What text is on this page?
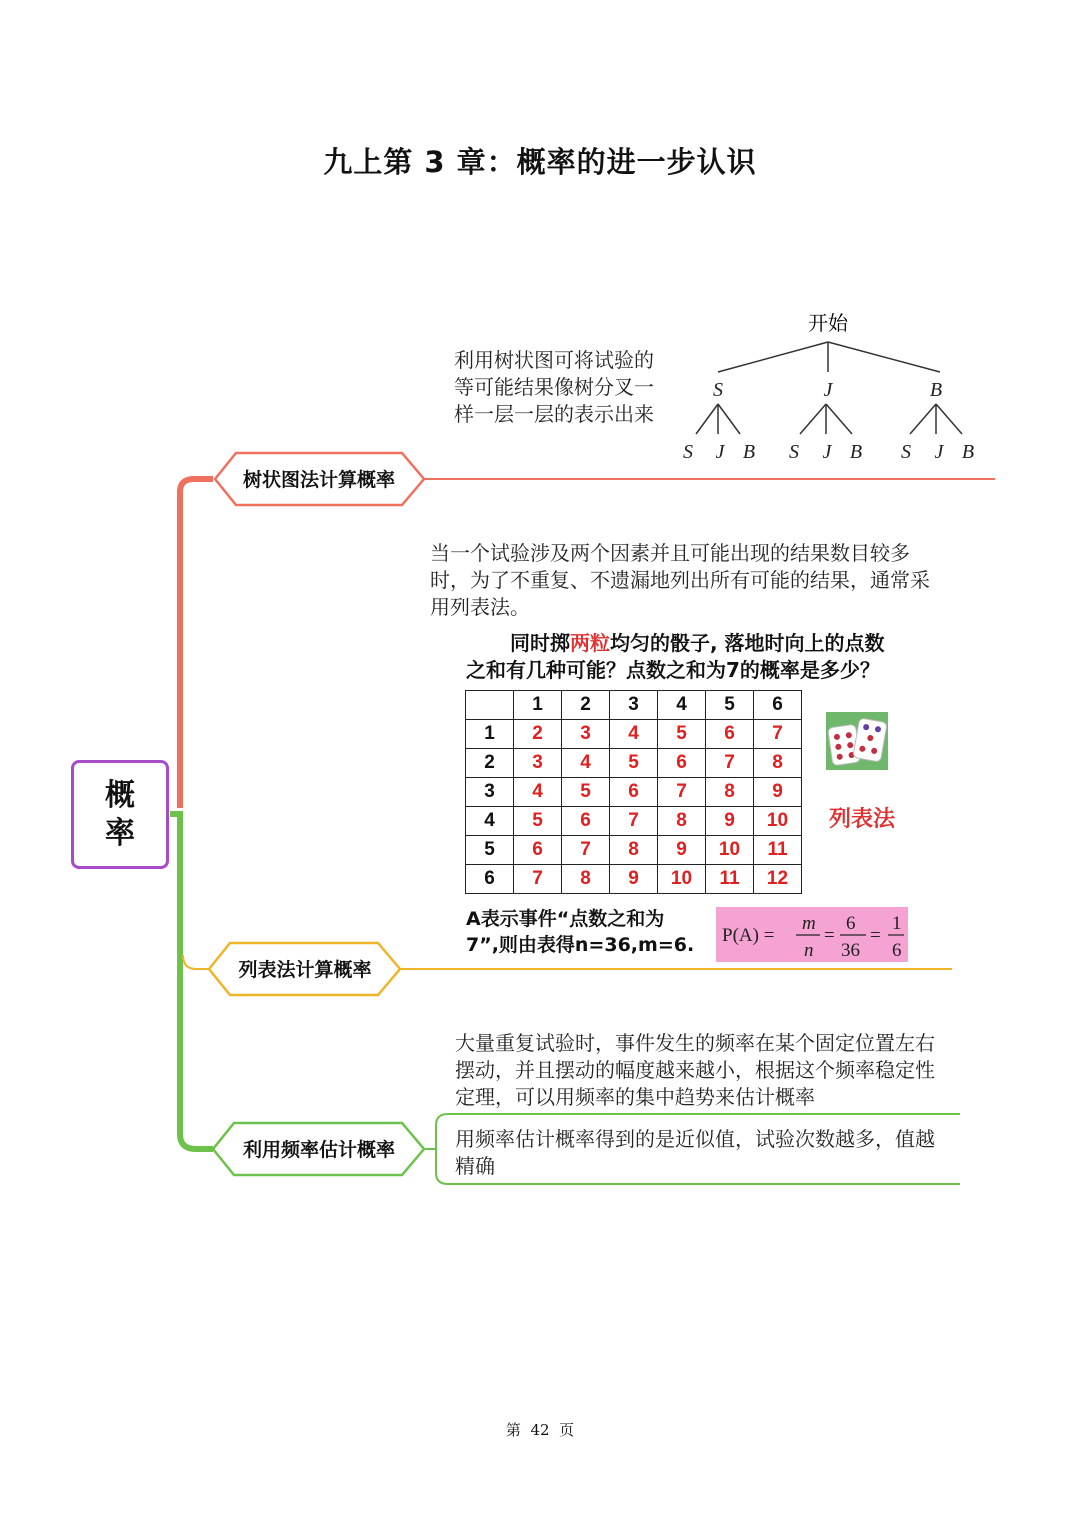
九上第 3 章：概率的进一步认识
树状图法计算概率
列表法计算概率
利用频率估计概率
概
率
利用树状图可将试验的
等可能结果像树分叉一
样一层一层的表示出来
开始
S	J	B
S J B S J B S J B
当一个试验涉及两个因素并且可能出现的结果数目较多
时，为了不重复、不遗漏地列出所有可能的结果，通常采
用列表法。
同时掷两粒均匀的骰子, 落地时向上的点数
之和有几种可能？点数之和为7的概率是多少？
	1	2	3	4	5	6
1	2	3	4	5	6	7
2	3	4	5	6	7	8
3	4	5	6	7	8	9
4	5	6	7	8	9	10
5	6	7	8	9	10	11
6	7	8	9	10	11	12
列表法
A表示事件“点数之和为
7”,则由表得n=36,m=6.	P(A) =
m
n
=
6
36
=
1
6
大量重复试验时，事件发生的频率在某个固定位置左右
摆动，并且摆动的幅度越来越小，根据这个频率稳定性
定理，可以用频率的集中趋势来估计概率
用频率估计概率得到的是近似值，试验次数越多，值越
精确
第 42 页
